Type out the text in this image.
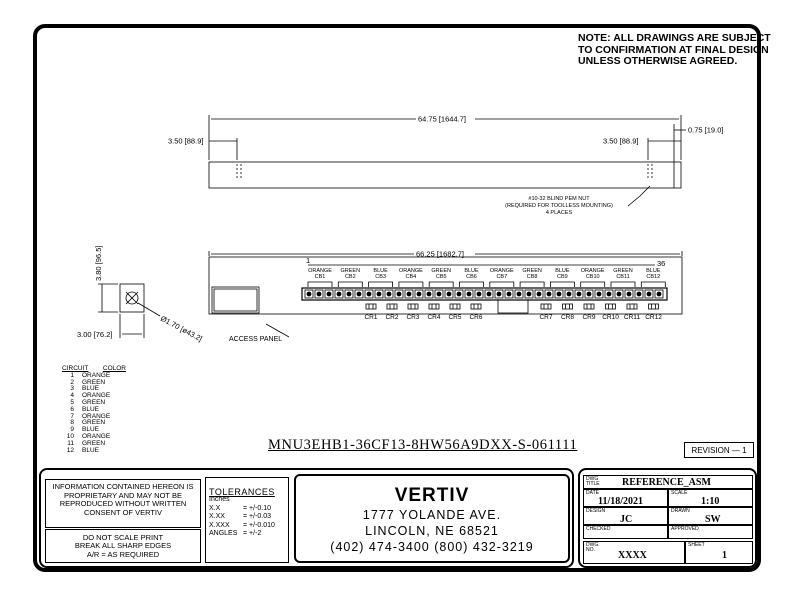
NOTE: ALL DRAWINGS ARE SUBJECT
TO CONFIRMATION AT FINAL DESIGN
UNLESS OTHERWISE AGREED.
64.75 [1644.7]
3.50 [88.9]	3.50 [88.9]
0.75 [19.0]
#10-32 BLIND PEM NUT
(REQUIRED FOR TOOLLESS MOUNTING)
4 PLACES
3.80 [96.5]
3.00 [76.2]	Ø1.70 [ø43.2]
66.25 [1682.7]
1	36
ACCESS PANEL
ORANGE
CB1
GREEN
CB2
BLUE
CB3
ORANGE
CB4
GREEN
CB5
BLUE
CB6
ORANGE
CB7
GREEN
CB8
BLUE
CB9
ORANGE
CB10
GREEN
CB11
BLUE
CB12
CR1 CR2 CR3 CR4 CR5 CR6	CR7 CR8 CR9 CR10 CR11 CR12
CIRCUIT COLOR
1	ORANGE
2	GREEN
3	BLUE
4	ORANGE
5	GREEN
6	BLUE
7	ORANGE
8	GREEN
9	BLUE
10	ORANGE
11	GREEN
12	BLUE	MNU3EHB1-36CF13-8HW56A9DXX-S-061111	REVISION — 1
INFORMATION CONTAINED HEREON IS PROPRIETARY AND MAY NOT BE REPRODUCED WITHOUT WRITTEN CONSENT OF VERTIV
DO NOT SCALE PRINT
BREAK ALL SHARP EDGES
A/R = AS REQUIRED
TOLERANCES
Inches
X.X	= +/-0.10
X.XX	= +/-0.03
X.XXX	= +/-0.010
ANGLES = +/-2
VERTIV
1777 YOLANDE AVE.
LINCOLN, NE 68521
(402) 474-3400 (800) 432-3219
DWG TITLE REFERENCE_ASM
DATE
11/18/2021
SCALE
1:10
DESIGN
JC
DRAWN
SW
CHECKED	APPROVED
DWG. NO.	XXXX
SHEET
1
